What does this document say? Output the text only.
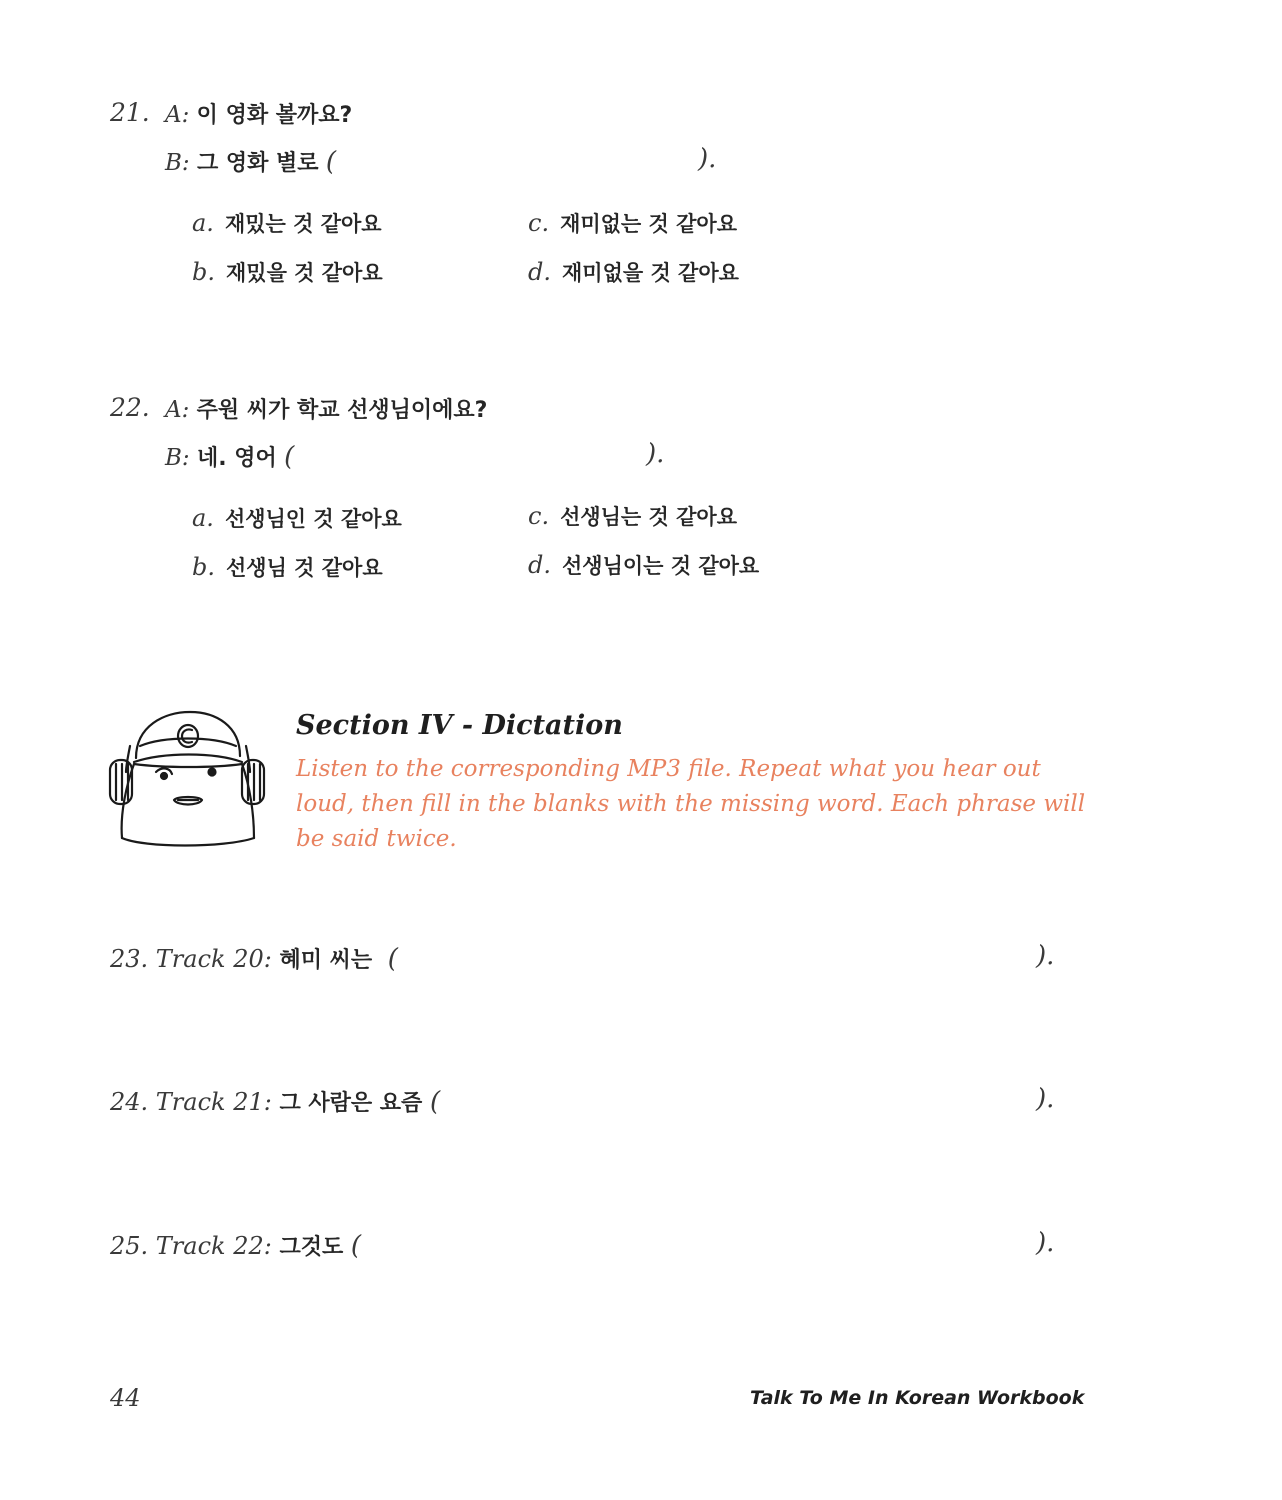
21. A: 이 영화 볼까요?
B: 그 영화 별로 (	).
a. 재밌는 것 같아요
b. 재밌을 것 같아요
c. 재미없는 것 같아요
d. 재미없을 것 같아요
22. A: 주원 씨가 학교 선생님이에요?
B: 네. 영어 (	).
a. 선생님인 것 같아요
b. 선생님 것 같아요
c. 선생님는 것 같아요
d. 선생님이는 것 같아요
Section IV - Dictation
Listen to the corresponding MP3 file. Repeat what you hear out loud, then fill in the blanks with the missing word. Each phrase will be said twice.
23. Track 20: 혜미 씨는 (	).
24. Track 21: 그 사람은 요즘 (	).
25. Track 22: 그것도 (	).
44	Talk To Me In Korean Workbook
